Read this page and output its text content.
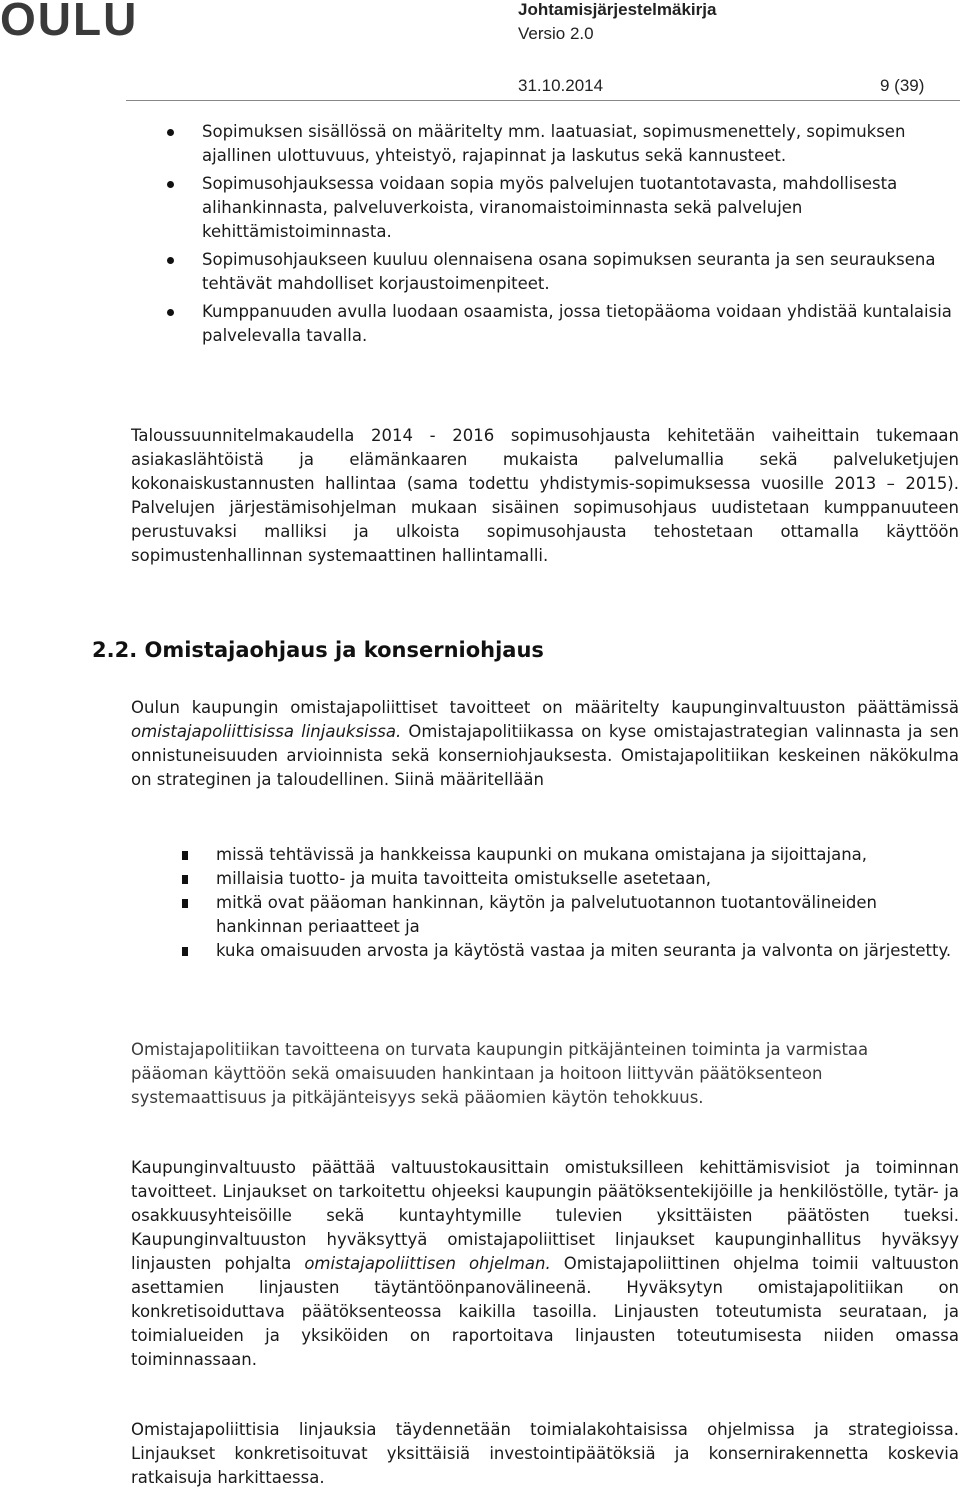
OULU	Johtamisjärjestelmäkirja
Versio 2.0
31.10.2014	9 (39)
Sopimuksen sisällössä on määritelty mm. laatuasiat, sopimusmenettely, sopimuksen ajallinen ulottuvuus, yhteistyö, rajapinnat ja laskutus sekä kannusteet.
Sopimusohjauksessa voidaan sopia myös palvelujen tuotantotavasta, mahdollisesta alihankinnasta, palveluverkoista, viranomaistoiminnasta sekä palvelujen kehittämistoiminnasta.
Sopimusohjaukseen kuuluu olennaisena osana sopimuksen seuranta ja sen seurauksena tehtävät mahdolliset korjaustoimenpiteet.
Kumppanuuden avulla luodaan osaamista, jossa tietopääoma voidaan yhdistää kuntalaisia palvelevalla tavalla.

Taloussuunnitelmakaudella 2014 - 2016 sopimusohjausta kehitetään vaiheittain tukemaan asiakaslähtöistä ja elämänkaaren mukaista palvelumallia sekä palveluketjujen kokonaiskustannusten hallintaa (sama todettu yhdistymis-sopimuksessa vuosille 2013 – 2015). Palvelujen järjestämisohjelman mukaan sisäinen sopimusohjaus uudistetaan kumppanuuteen perustuvaksi malliksi ja ulkoista sopimusohjausta tehostetaan ottamalla käyttöön sopimustenhallinnan systemaattinen hallintamalli.

2.2. Omistajaohjaus ja konserniohjaus

Oulun kaupungin omistajapoliittiset tavoitteet on määritelty kaupunginvaltuuston päättämissä omistajapoliittisissa linjauksissa. Omistajapolitiikassa on kyse omistajastrategian valinnasta ja sen onnistuneisuuden arvioinnista sekä konserniohjauksesta. Omistajapolitiikan keskeinen näkökulma on strateginen ja taloudellinen. Siinä määritellään

missä tehtävissä ja hankkeissa kaupunki on mukana omistajana ja sijoittajana,
millaisia tuotto- ja muita tavoitteita omistukselle asetetaan,
mitkä ovat pääoman hankinnan, käytön ja palvelutuotannon tuotantovälineiden hankinnan periaatteet ja
kuka omaisuuden arvosta ja käytöstä vastaa ja miten seuranta ja valvonta on järjestetty.

Omistajapolitiikan tavoitteena on turvata kaupungin pitkäjänteinen toiminta ja varmistaa pääoman käyttöön sekä omaisuuden hankintaan ja hoitoon liittyvän päätöksenteon systemaattisuus ja pitkäjänteisyys sekä pääomien käytön tehokkuus.

Kaupunginvaltuusto päättää valtuustokausittain omistuksilleen kehittämisvisiot ja toiminnan tavoitteet. Linjaukset on tarkoitettu ohjeeksi kaupungin päätöksentekijöille ja henkilöstölle, tytär- ja osakkuusyhteisöille sekä kuntayhtymille tulevien yksittäisten päätösten tueksi. Kaupunginvaltuuston hyväksyttyä omistajapoliittiset linjaukset kaupunginhallitus hyväksyy linjausten pohjalta omistajapoliittisen ohjelman. Omistajapoliittinen ohjelma toimii valtuuston asettamien linjausten täytäntöönpanovälineenä. Hyväksytyn omistajapolitiikan on konkretisoiduttava päätöksenteossa kaikilla tasoilla. Linjausten toteutumista seurataan, ja toimialueiden ja yksiköiden on raportoitava linjausten toteutumisesta niiden omassa toiminnassaan.

Omistajapoliittisia linjauksia täydennetään toimialakohtaisissa ohjelmissa ja strategioissa. Linjaukset konkretisoituvat yksittäisiä investointipäätöksiä ja konsernirakennetta koskevia ratkaisuja harkittaessa.
